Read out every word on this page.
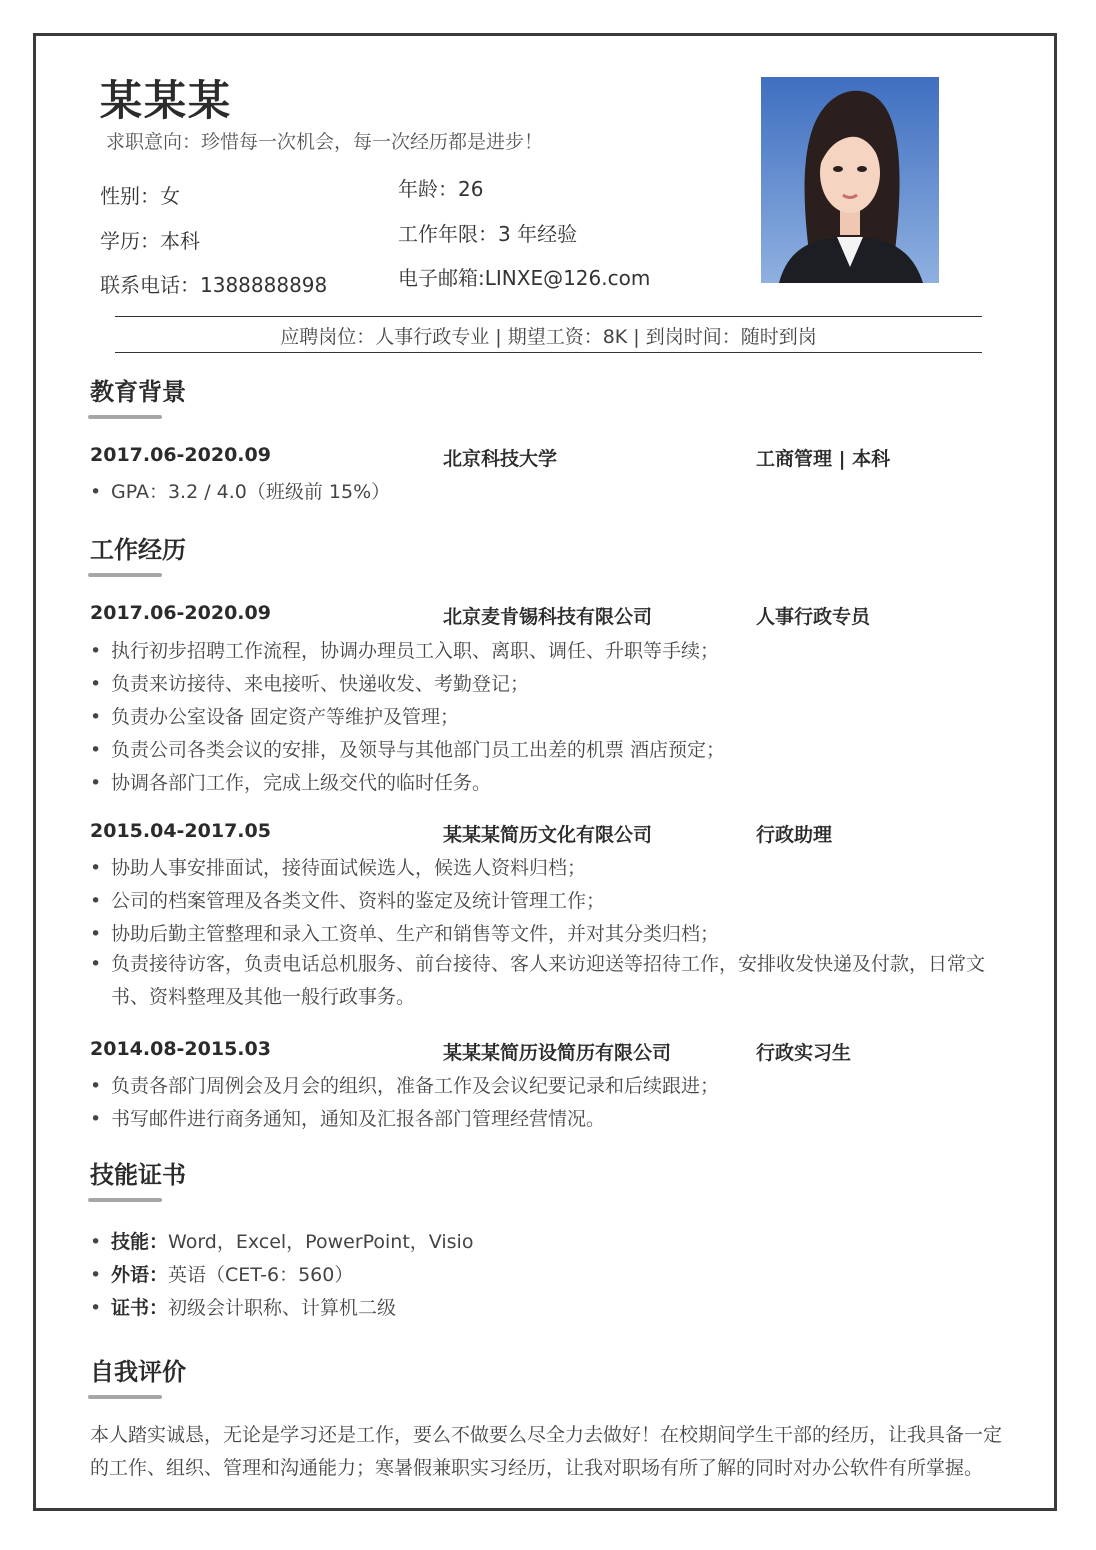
某某某
求职意向：珍惜每一次机会，每一次经历都是进步！
性别：女	年龄：26
学历：本科	工作年限：3 年经验
联系电话：1388888898	电子邮箱:LINXE@126.com
应聘岗位：人事行政专业 | 期望工资：8K | 到岗时间：随时到岗
教育背景
2017.06-2020.09	北京科技大学	工商管理 | 本科
• GPA：3.2 / 4.0（班级前 15%）
工作经历
2017.06-2020.09	北京麦肯锡科技有限公司	人事行政专员
• 执行初步招聘工作流程，协调办理员工入职、离职、调任、升职等手续；
• 负责来访接待、来电接听、快递收发、考勤登记；
• 负责办公室设备 固定资产等维护及管理；
• 负责公司各类会议的安排，及领导与其他部门员工出差的机票 酒店预定；
• 协调各部门工作，完成上级交代的临时任务。
2015.04-2017.05	某某某简历文化有限公司	行政助理
• 协助人事安排面试，接待面试候选人，候选人资料归档；
• 公司的档案管理及各类文件、资料的鉴定及统计管理工作；
• 协助后勤主管整理和录入工资单、生产和销售等文件，并对其分类归档；
• 负责接待访客，负责电话总机服务、前台接待、客人来访迎送等招待工作，安排收发快递及付款，日常文书、资料整理及其他一般行政事务。
2014.08-2015.03	某某某简历设简历有限公司	行政实习生
• 负责各部门周例会及月会的组织，准备工作及会议纪要记录和后续跟进；
• 书写邮件进行商务通知，通知及汇报各部门管理经营情况。
技能证书
• 技能：Word，Excel，PowerPoint，Visio
• 外语：英语（CET-6：560）
• 证书：初级会计职称、计算机二级
自我评价
本人踏实诚恳，无论是学习还是工作，要么不做要么尽全力去做好！在校期间学生干部的经历，让我具备一定的工作、组织、管理和沟通能力；寒暑假兼职实习经历，让我对职场有所了解的同时对办公软件有所掌握。
